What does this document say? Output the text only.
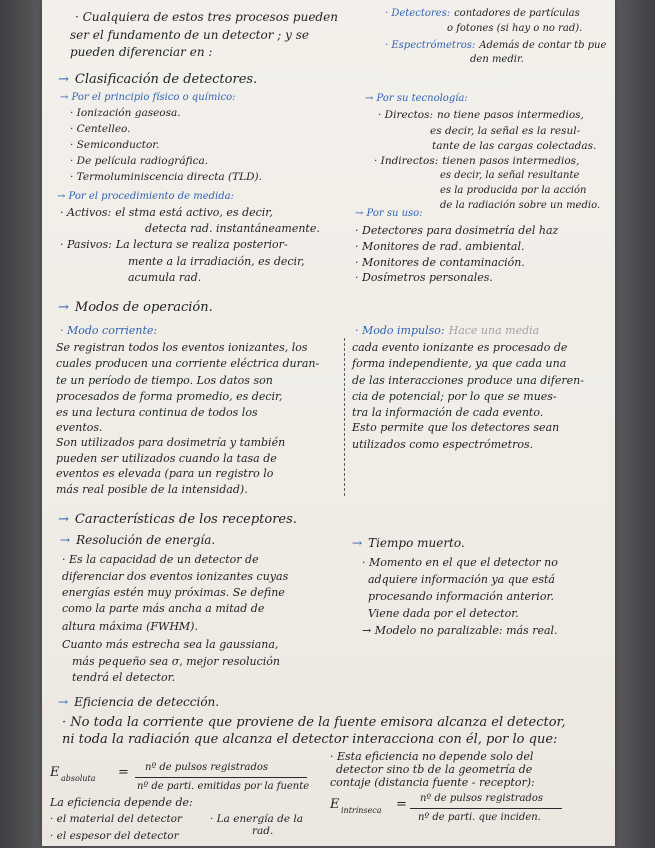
· Cualquiera de estos tres procesos pueden
ser el fundamento de un detector ; y se
pueden diferenciar en :
· Detectores: contadores de partículas
o fotones (si hay o no rad).
· Espectrómetros: Además de contar tb pue
den medir.
→ Clasificación de detectores.
→ Por el principio físico o químico:
· Ionización gaseosa.
· Centelleo.
· Semiconductor.
· De película radiográfica.
· Termoluminiscencia directa (TLD).
→ Por el procedimiento de medida:
· Activos: el stma está activo, es decir,
detecta rad. instantáneamente.
· Pasivos: La lectura se realiza posterior-
mente a la irradiación, es decir,
acumula rad.
→ Por su tecnología:
· Directos: no tiene pasos intermedios,
es decir, la señal es la resul-
tante de las cargas colectadas.
· Indirectos: tienen pasos intermedios,
es decir, la señal resultante
es la producida por la acción
de la radiación sobre un medio.
→ Por su uso:
· Detectores para dosimetría del haz
· Monitores de rad. ambiental.
· Monitores de contaminación.
· Dosímetros personales.
→ Modos de operación.
· Modo corriente:
Se registran todos los eventos ionizantes, los
cuales producen una corriente eléctrica duran-
te un período de tiempo. Los datos son
procesados de forma promedio, es decir,
es una lectura continua de todos los
eventos.
Son utilizados para dosimetría y también
pueden ser utilizados cuando la tasa de
eventos es elevada (para un registro lo
más real posible de la intensidad).
· Modo impulso: Hace una media
cada evento ionizante es procesado de
forma independiente, ya que cada una
de las interacciones produce una diferen-
cia de potencial; por lo que se mues-
tra la información de cada evento.
Esto permite que los detectores sean
utilizados como espectrómetros.
→ Características de los receptores.
→ Resolución de energía.
· Es la capacidad de un detector de
diferenciar dos eventos ionizantes cuyas
energías estén muy próximas. Se define
como la parte más ancha a mitad de
altura máxima (FWHM).
Cuanto más estrecha sea la gaussiana,
más pequeño sea σ, mejor resolución
tendrá el detector.
→ Tiempo muerto.
· Momento en el que el detector no
adquiere información ya que está
procesando información anterior.
Viene dada por el detector.
→ Modelo no paralizable: más real.
→ Eficiencia de detección.
· No toda la corriente que proviene de la fuente emisora alcanza el detector,
ni toda la radiación que alcanza el detector interacciona con él, por lo que:
· Esta eficiencia no depende solo del
detector sino tb de la geometría de
contaje (distancia fuente - receptor):
E absoluta = nº de pulsos registrados
nº de parti. emitidas por la fuente
E intrínseca = nº de pulsos registrados
nº de parti. que inciden.
La eficiencia depende de:
· el material del detector
· el espesor del detector
· La energía de la
rad.
